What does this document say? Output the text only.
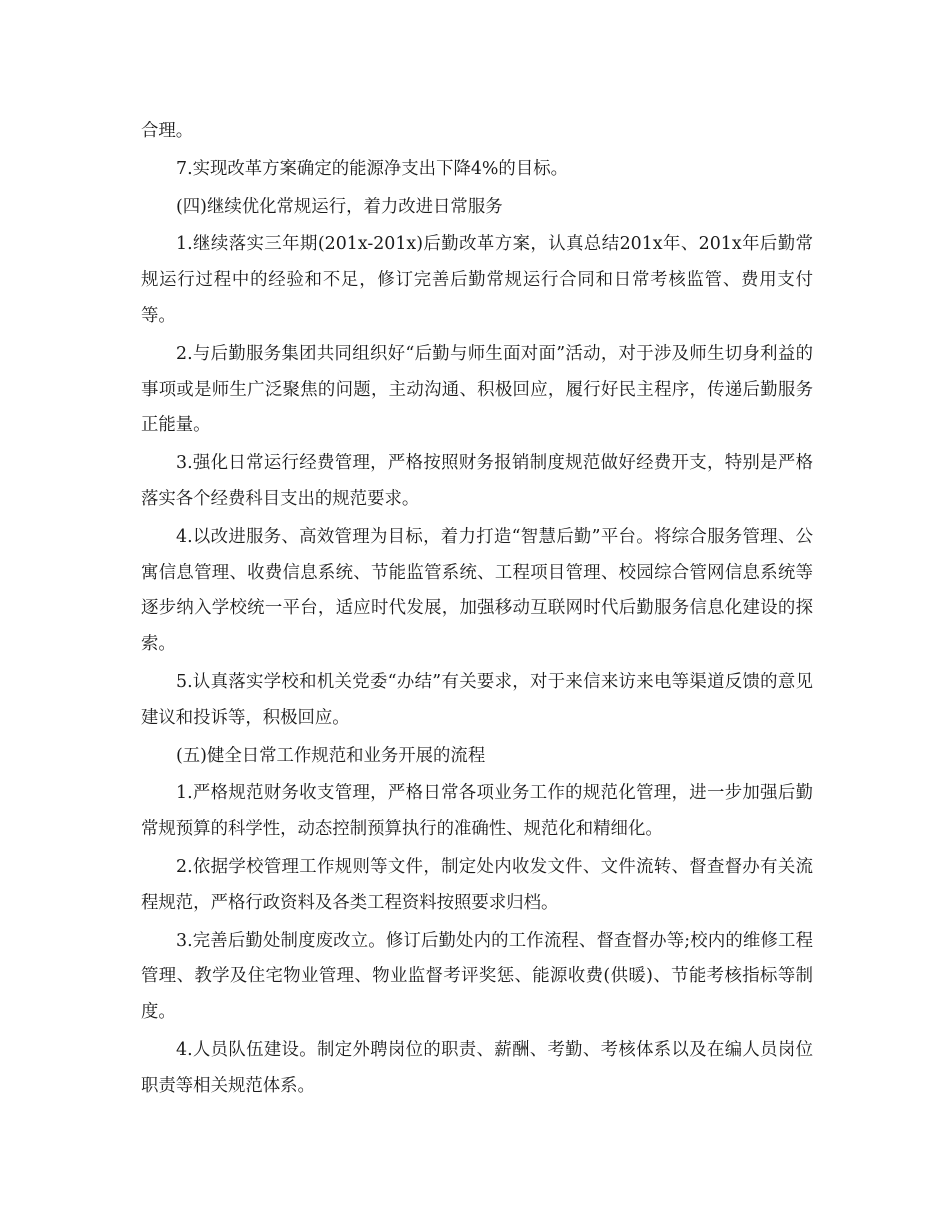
合理。

7.实现改革方案确定的能源净支出下降4%的目标。

(四)继续优化常规运行，着力改进日常服务

1.继续落实三年期(201x-201x)后勤改革方案，认真总结201x年、201x年后勤常规运行过程中的经验和不足，修订完善后勤常规运行合同和日常考核监管、费用支付等。

2.与后勤服务集团共同组织好“后勤与师生面对面”活动，对于涉及师生切身利益的事项或是师生广泛聚焦的问题，主动沟通、积极回应，履行好民主程序，传递后勤服务正能量。

3.强化日常运行经费管理，严格按照财务报销制度规范做好经费开支，特别是严格落实各个经费科目支出的规范要求。

4.以改进服务、高效管理为目标，着力打造“智慧后勤”平台。将综合服务管理、公寓信息管理、收费信息系统、节能监管系统、工程项目管理、校园综合管网信息系统等逐步纳入学校统一平台，适应时代发展，加强移动互联网时代后勤服务信息化建设的探索。

5.认真落实学校和机关党委“办结”有关要求，对于来信来访来电等渠道反馈的意见建议和投诉等，积极回应。

(五)健全日常工作规范和业务开展的流程

1.严格规范财务收支管理，严格日常各项业务工作的规范化管理，进一步加强后勤常规预算的科学性，动态控制预算执行的准确性、规范化和精细化。

2.依据学校管理工作规则等文件，制定处内收发文件、文件流转、督查督办有关流程规范，严格行政资料及各类工程资料按照要求归档。

3.完善后勤处制度废改立。修订后勤处内的工作流程、督查督办等;校内的维修工程管理、教学及住宅物业管理、物业监督考评奖惩、能源收费(供暖)、节能考核指标等制度。

4.人员队伍建设。制定外聘岗位的职责、薪酬、考勤、考核体系以及在编人员岗位职责等相关规范体系。
